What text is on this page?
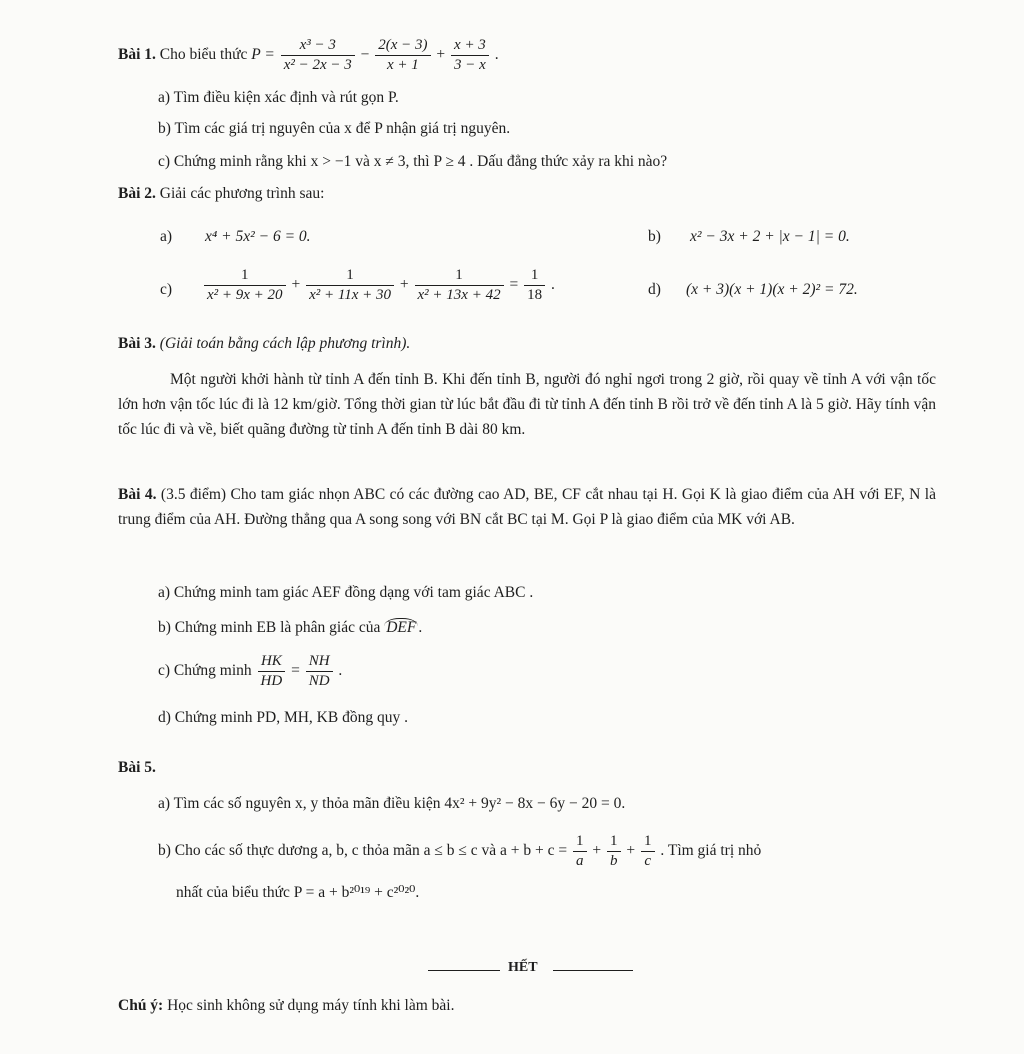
Bài 1. Cho biểu thức $P = \frac{\text{x³ − 3}}{\text{x² − 2x − 3}} - \frac{2(x - 3)}{x + 1} + \frac{x + 3}{3 - x}$ .
a) Tìm điều kiện xác định và rút gọn P.
b) Tìm các giá trị nguyên của x để P nhận giá trị nguyên.
c) Chứng minh rằng khi x > −1 và x ≠ 3, thì P ≥ 4 . Dấu đẳng thức xảy ra khi nào?
Bài 2. Giải các phương trình sau:
a) x⁴ + 5x² − 6 = 0.	b) x² − 3x + 2 + |x − 1| = 0.
$c) \frac{1}{\text{x² + 9x + 20}} + \frac{1}{\text{x² + 11x + 30}} + \frac{1}{\text{x² + 13x + 42}} = \frac{1}{18}$ .	d) (x + 3)(x + 1)(x + 2)² = 72.
Bài 3. (Giải toán bằng cách lập phương trình).
Một người khởi hành từ tỉnh A đến tỉnh B. Khi đến tỉnh B, người đó nghỉ ngơi trong 2 giờ, rồi quay về tỉnh A với vận tốc lớn hơn vận tốc lúc đi là 12 km/giờ. Tổng thời gian từ lúc bắt đầu đi từ tỉnh A đến tỉnh B rồi trở về đến tỉnh A là 5 giờ. Hãy tính vận tốc lúc đi và về, biết quãng đường từ tỉnh A đến tỉnh B dài 80 km.
Bài 4. (3.5 điểm) Cho tam giác nhọn ABC có các đường cao AD, BE, CF cắt nhau tại H. Gọi K là giao điểm của AH với EF, N là trung điểm của AH. Đường thẳng qua A song song với BN cắt BC tại M. Gọi P là giao điểm của MK với AB.
a) Chứng minh tam giác AEF đồng dạng với tam giác ABC .
b) Chứng minh EB là phân giác của DEF .
c) Chứng minh $\frac{HK}{HD} = \frac{NH}{ND}$ .
d) Chứng minh PD, MH, KB đồng quy .
Bài 5.
a) Tìm các số nguyên x, y thỏa mãn điều kiện 4x² + 9y² − 8x − 6y − 20 = 0.
b) Cho các số thực dương a, b, c thỏa mãn a ≤ b ≤ c và $a + b + c = \frac{1}{a} + \frac{1}{b} + \frac{1}{c}$ . Tìm giá trị nhỏ
nhất của biểu thức P = a + b²⁰¹⁹ + c²⁰²⁰.
HẾT
Chú ý: Học sinh không sử dụng máy tính khi làm bài.
